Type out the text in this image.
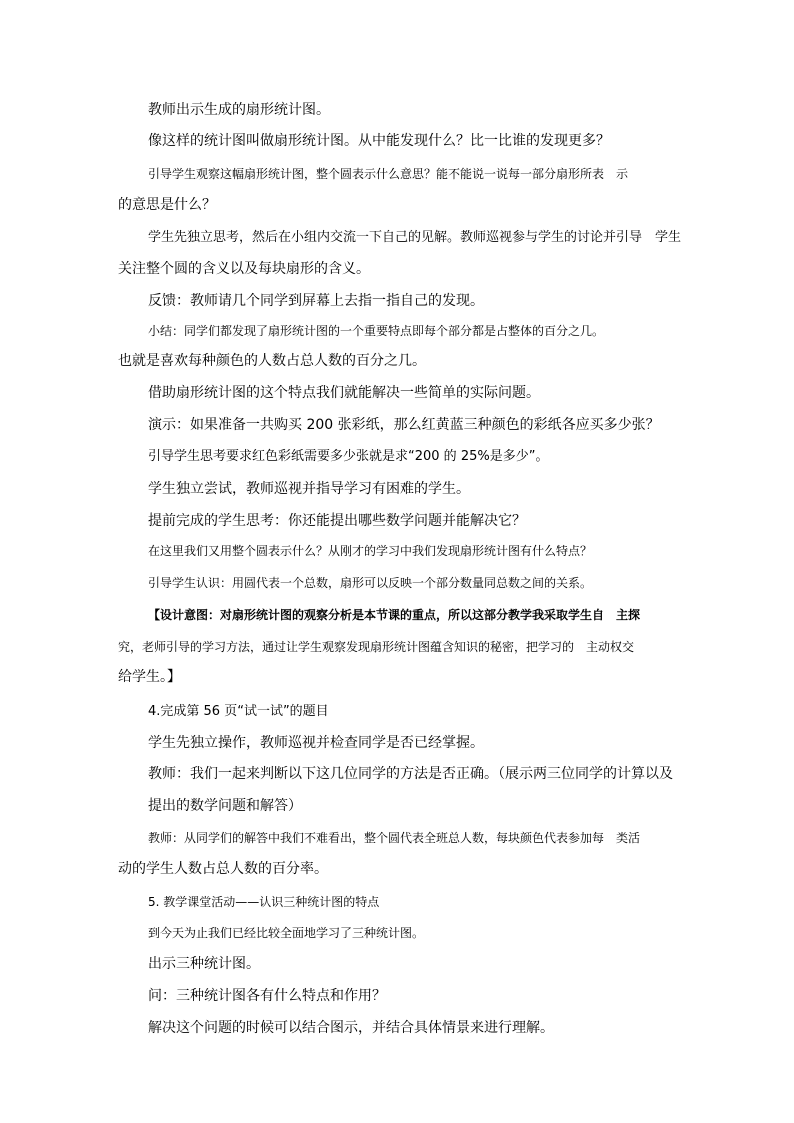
教师出示生成的扇形统计图。
像这样的统计图叫做扇形统计图。从中能发现什么？比一比谁的发现更多？
引导学生观察这幅扇形统计图，整个圆表示什么意思？能不能说一说每一部分扇形所表　示
的意思是什么？
学生先独立思考，然后在小组内交流一下自己的见解。教师巡视参与学生的讨论并引导　学生
关注整个圆的含义以及每块扇形的含义。
反馈：教师请几个同学到屏幕上去指一指自己的发现。
小结：同学们都发现了扇形统计图的一个重要特点即每个部分都是占整体的百分之几。
也就是喜欢每种颜色的人数占总人数的百分之几。
借助扇形统计图的这个特点我们就能解决一些简单的实际问题。
演示：如果准备一共购买 200 张彩纸，那么红黄蓝三种颜色的彩纸各应买多少张？
引导学生思考要求红色彩纸需要多少张就是求“200 的 25%是多少”。
学生独立尝试，教师巡视并指导学习有困难的学生。
提前完成的学生思考：你还能提出哪些数学问题并能解决它？
在这里我们又用整个圆表示什么？从刚才的学习中我们发现扇形统计图有什么特点？
引导学生认识：用圆代表一个总数，扇形可以反映一个部分数量同总数之间的关系。
【设计意图：对扇形统计图的观察分析是本节课的重点，所以这部分教学我采取学生自　主探
究，老师引导的学习方法，通过让学生观察发现扇形统计图蕴含知识的秘密，把学习的　主动权交
给学生。】
4.完成第 56 页“试一试”的题目
学生先独立操作，教师巡视并检查同学是否已经掌握。
教师：我们一起来判断以下这几位同学的方法是否正确。（展示两三位同学的计算以及
提出的数学问题和解答）
教师：从同学们的解答中我们不难看出，整个圆代表全班总人数，每块颜色代表参加每　类活
动的学生人数占总人数的百分率。
5. 教学课堂活动——认识三种统计图的特点
到今天为止我们已经比较全面地学习了三种统计图。
出示三种统计图。
问：三种统计图各有什么特点和作用？
解决这个问题的时候可以结合图示，并结合具体情景来进行理解。
